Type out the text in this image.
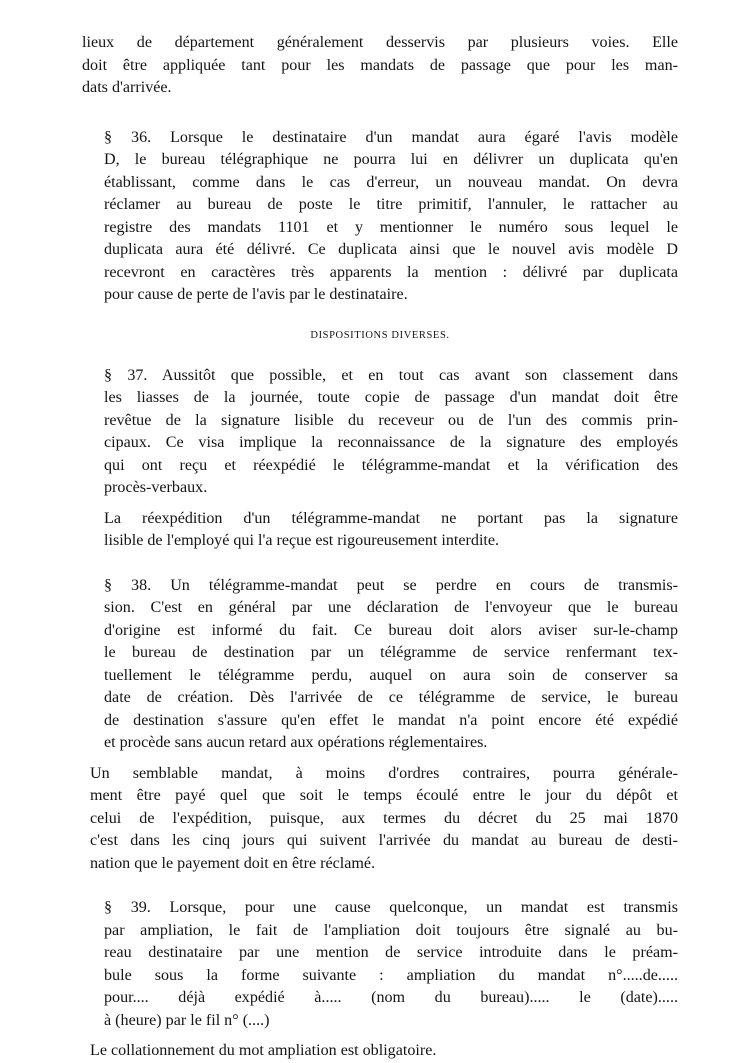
lieux de département généralement desservis par plusieurs voies. Elle
doit être appliquée tant pour les mandats de passage que pour les man-
dats d'arrivée.

§ 36. Lorsque le destinataire d'un mandat aura égaré l'avis modèle
D, le bureau télégraphique ne pourra lui en délivrer un duplicata qu'en
établissant, comme dans le cas d'erreur, un nouveau mandat. On devra
réclamer au bureau de poste le titre primitif, l'annuler, le rattacher au
registre des mandats 1101 et y mentionner le numéro sous lequel le
duplicata aura été délivré. Ce duplicata ainsi que le nouvel avis modèle D
recevront en caractères très apparents la mention : délivré par duplicata
pour cause de perte de l'avis par le destinataire.

DISPOSITIONS DIVERSES.

§ 37. Aussitôt que possible, et en tout cas avant son classement dans
les liasses de la journée, toute copie de passage d'un mandat doit être
revêtue de la signature lisible du receveur ou de l'un des commis prin-
cipaux. Ce visa implique la reconnaissance de la signature des employés
qui ont reçu et réexpédié le télégramme-mandat et la vérification des
procès-verbaux.

La réexpédition d'un télégramme-mandat ne portant pas la signature
lisible de l'employé qui l'a reçue est rigoureusement interdite.

§ 38. Un télégramme-mandat peut se perdre en cours de transmis-
sion. C'est en général par une déclaration de l'envoyeur que le bureau
d'origine est informé du fait. Ce bureau doit alors aviser sur-le-champ
le bureau de destination par un télégramme de service renfermant tex-
tuellement le télégramme perdu, auquel on aura soin de conserver sa
date de création. Dès l'arrivée de ce télégramme de service, le bureau
de destination s'assure qu'en effet le mandat n'a point encore été expédié
et procède sans aucun retard aux opérations réglementaires.

Un semblable mandat, à moins d'ordres contraires, pourra générale-
ment être payé quel que soit le temps écoulé entre le jour du dépôt et
celui de l'expédition, puisque, aux termes du décret du 25 mai 1870
c'est dans les cinq jours qui suivent l'arrivée du mandat au bureau de desti-
nation que le payement doit en être réclamé.

§ 39. Lorsque, pour une cause quelconque, un mandat est transmis
par ampliation, le fait de l'ampliation doit toujours être signalé au bu-
reau destinataire par une mention de service introduite dans le préam-
bule sous la forme suivante : ampliation du mandat n°.....de.....
pour.... déjà expédié à..... (nom du bureau)..... le (date).....
à (heure) par le fil n° (....)

Le collationnement du mot ampliation est obligatoire.
